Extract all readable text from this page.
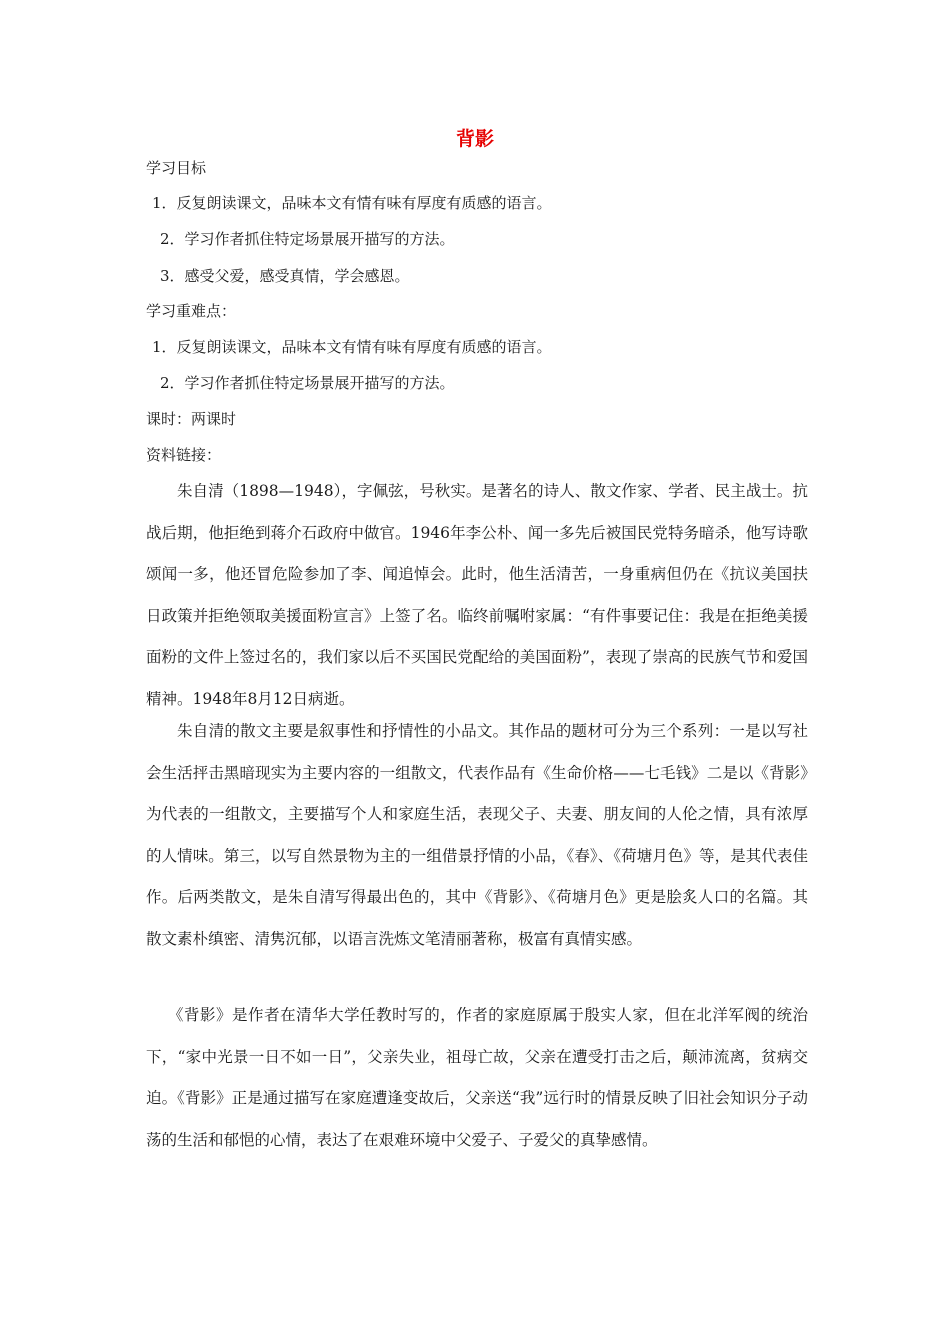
背影
学习目标
1．反复朗读课文，品味本文有情有味有厚度有质感的语言。
2．学习作者抓住特定场景展开描写的方法。
3．感受父爱，感受真情，学会感恩。
学习重难点：
1．反复朗读课文，品味本文有情有味有厚度有质感的语言。
2．学习作者抓住特定场景展开描写的方法。
课时：两课时
资料链接：
朱自清（1898—1948），字佩弦，号秋实。是著名的诗人、散文作家、学者、民主战士。抗战后期，他拒绝到蒋介石政府中做官。1946年李公朴、闻一多先后被国民党特务暗杀，他写诗歌颂闻一多，他还冒危险参加了李、闻追悼会。此时，他生活清苦，一身重病但仍在《抗议美国扶日政策并拒绝领取美援面粉宣言》上签了名。临终前嘱咐家属：“有件事要记住：我是在拒绝美援面粉的文件上签过名的，我们家以后不买国民党配给的美国面粉”，表现了崇高的民族气节和爱国精神。1948年8月12日病逝。
朱自清的散文主要是叙事性和抒情性的小品文。其作品的题材可分为三个系列：一是以写社会生活抨击黑暗现实为主要内容的一组散文，代表作品有《生命价格——七毛钱》二是以《背影》为代表的一组散文，主要描写个人和家庭生活，表现父子、夫妻、朋友间的人伦之情，具有浓厚的人情味。第三，以写自然景物为主的一组借景抒情的小品，《春》、《荷塘月色》等，是其代表佳作。后两类散文，是朱自清写得最出色的，其中《背影》、《荷塘月色》更是脍炙人口的名篇。其散文素朴缜密、清隽沉郁，以语言洗炼文笔清丽著称，极富有真情实感。
《背影》是作者在清华大学任教时写的，作者的家庭原属于殷实人家，但在北洋军阀的统治下，“家中光景一日不如一日”，父亲失业，祖母亡故，父亲在遭受打击之后，颠沛流离，贫病交迫。《背影》正是通过描写在家庭遭逢变故后，父亲送“我”远行时的情景反映了旧社会知识分子动荡的生活和郁悒的心情，表达了在艰难环境中父爱子、子爱父的真挚感情。
